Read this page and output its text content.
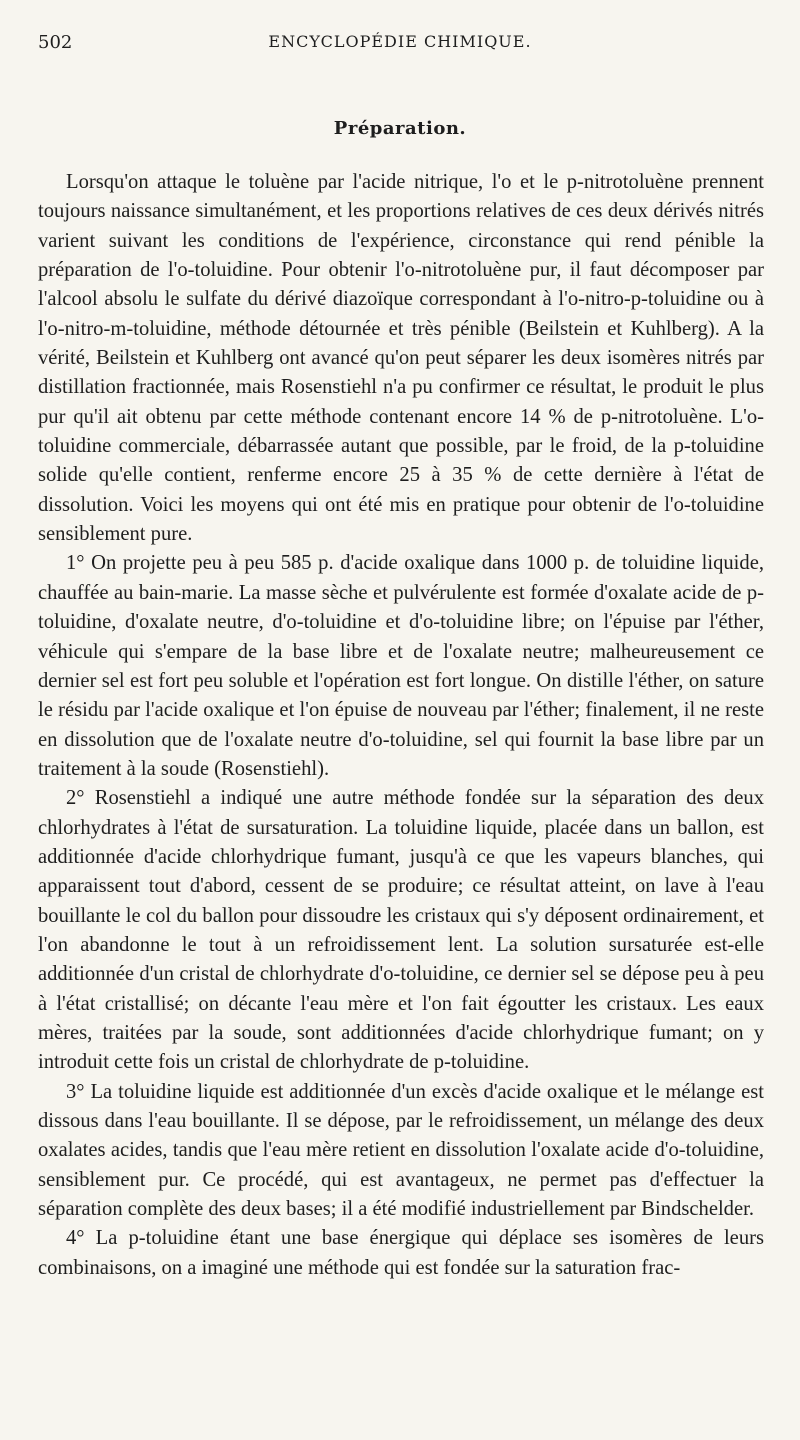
502	ENCYCLOPÉDIE CHIMIQUE.
Préparation.

Lorsqu'on attaque le toluène par l'acide nitrique, l'o et le p-nitrotoluène prennent toujours naissance simultanément, et les proportions relatives de ces deux dérivés nitrés varient suivant les conditions de l'expérience, circonstance qui rend pénible la préparation de l'o-toluidine. Pour obtenir l'o-nitrotoluène pur, il faut décomposer par l'alcool absolu le sulfate du dérivé diazoïque correspondant à l'o-nitro-p-toluidine ou à l'o-nitro-m-toluidine, méthode détournée et très pénible (Beilstein et Kuhlberg). A la vérité, Beilstein et Kuhlberg ont avancé qu'on peut séparer les deux isomères nitrés par distillation fractionnée, mais Rosenstiehl n'a pu confirmer ce résultat, le produit le plus pur qu'il ait obtenu par cette méthode contenant encore 14 % de p-nitrotoluène. L'o-toluidine commerciale, débarrassée autant que possible, par le froid, de la p-toluidine solide qu'elle contient, renferme encore 25 à 35 % de cette dernière à l'état de dissolution. Voici les moyens qui ont été mis en pratique pour obtenir de l'o-toluidine sensiblement pure.

1° On projette peu à peu 585 p. d'acide oxalique dans 1000 p. de toluidine liquide, chauffée au bain-marie. La masse sèche et pulvérulente est formée d'oxalate acide de p-toluidine, d'oxalate neutre, d'o-toluidine et d'o-toluidine libre; on l'épuise par l'éther, véhicule qui s'empare de la base libre et de l'oxalate neutre; malheureusement ce dernier sel est fort peu soluble et l'opération est fort longue. On distille l'éther, on sature le résidu par l'acide oxalique et l'on épuise de nouveau par l'éther; finalement, il ne reste en dissolution que de l'oxalate neutre d'o-toluidine, sel qui fournit la base libre par un traitement à la soude (Rosenstiehl).

2° Rosenstiehl a indiqué une autre méthode fondée sur la séparation des deux chlorhydrates à l'état de sursaturation. La toluidine liquide, placée dans un ballon, est additionnée d'acide chlorhydrique fumant, jusqu'à ce que les vapeurs blanches, qui apparaissent tout d'abord, cessent de se produire; ce résultat atteint, on lave à l'eau bouillante le col du ballon pour dissoudre les cristaux qui s'y déposent ordinairement, et l'on abandonne le tout à un refroidissement lent. La solution sursaturée est-elle additionnée d'un cristal de chlorhydrate d'o-toluidine, ce dernier sel se dépose peu à peu à l'état cristallisé; on décante l'eau mère et l'on fait égoutter les cristaux. Les eaux mères, traitées par la soude, sont additionnées d'acide chlorhydrique fumant; on y introduit cette fois un cristal de chlorhydrate de p-toluidine.

3° La toluidine liquide est additionnée d'un excès d'acide oxalique et le mélange est dissous dans l'eau bouillante. Il se dépose, par le refroidissement, un mélange des deux oxalates acides, tandis que l'eau mère retient en dissolution l'oxalate acide d'o-toluidine, sensiblement pur. Ce procédé, qui est avantageux, ne permet pas d'effectuer la séparation complète des deux bases; il a été modifié industriellement par Bindschelder.

4° La p-toluidine étant une base énergique qui déplace ses isomères de leurs combinaisons, on a imaginé une méthode qui est fondée sur la saturation frac-
